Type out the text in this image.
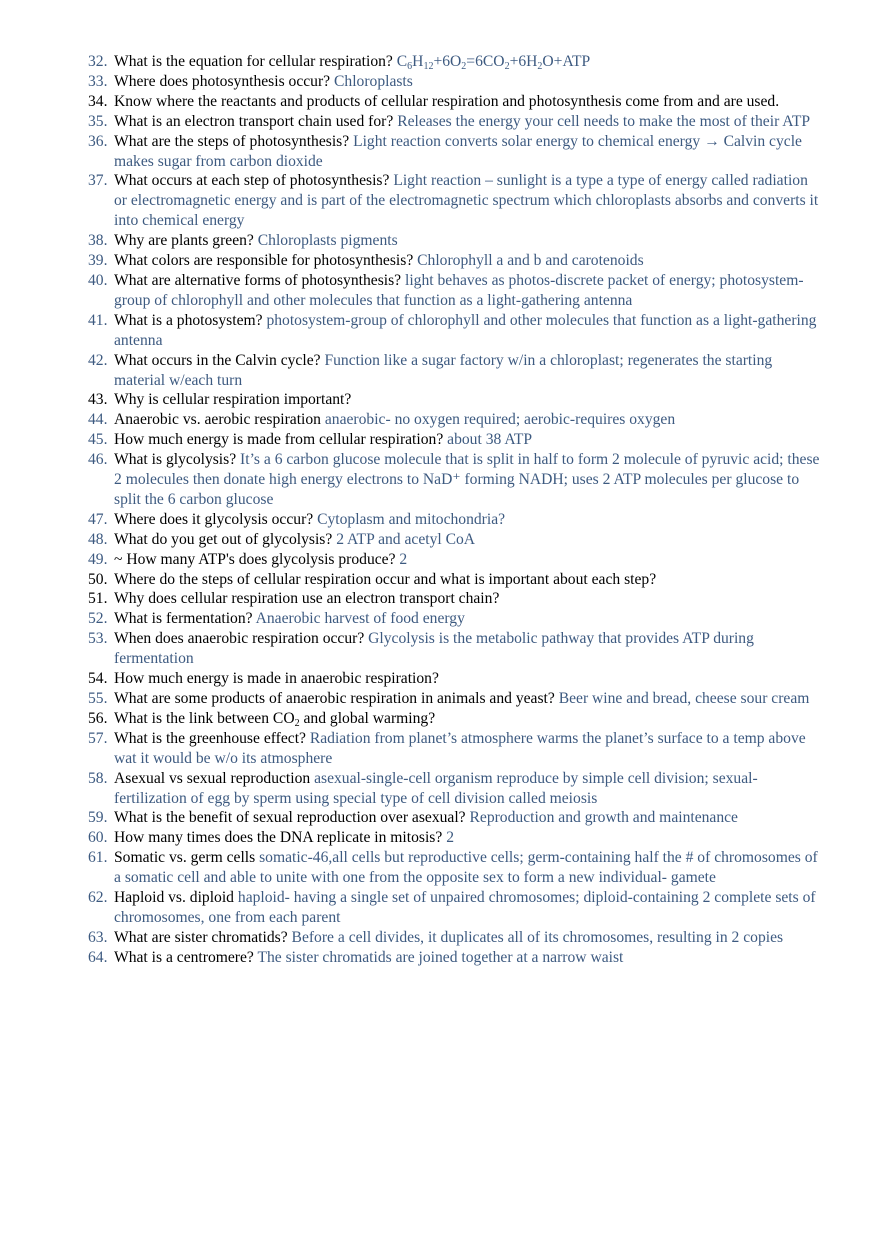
32. What is the equation for cellular respiration? $C_6H_{12}+6O_2=6CO_2+6H_2O+ATP$
33. Where does photosynthesis occur? Chloroplasts
34. Know where the reactants and products of cellular respiration and photosynthesis come from and are used.
35. What is an electron transport chain used for? Releases the energy your cell needs to make the most of their ATP
36. What are the steps of photosynthesis? Light reaction converts solar energy to chemical energy → Calvin cycle makes sugar from carbon dioxide
37. What occurs at each step of photosynthesis? Light reaction – sunlight is a type a type of energy called radiation or electromagnetic energy and is part of the electromagnetic spectrum which chloroplasts absorbs and converts it into chemical energy
38. Why are plants green? Chloroplasts pigments
39. What colors are responsible for photosynthesis? Chlorophyll a and b and carotenoids
40. What are alternative forms of photosynthesis? light behaves as photos-discrete packet of energy; photosystem-group of chlorophyll and other molecules that function as a light-gathering antenna
41. What is a photosystem? photosystem-group of chlorophyll and other molecules that function as a light-gathering antenna
42. What occurs in the Calvin cycle? Function like a sugar factory w/in a chloroplast; regenerates the starting material w/each turn
43. Why is cellular respiration important?
44. Anaerobic vs. aerobic respiration anaerobic- no oxygen required; aerobic-requires oxygen
45. How much energy is made from cellular respiration? about 38 ATP
46. What is glycolysis? It’s a 6 carbon glucose molecule that is split in half to form 2 molecule of pyruvic acid; these 2 molecules then donate high energy electrons to NaD⁺ forming NADH; uses 2 ATP molecules per glucose to split the 6 carbon glucose
47. Where does it glycolysis occur? Cytoplasm and mitochondria?
48. What do you get out of glycolysis? 2 ATP and acetyl CoA
49. ~ How many ATP's does glycolysis produce? 2
50. Where do the steps of cellular respiration occur and what is important about each step?
51. Why does cellular respiration use an electron transport chain?
52. What is fermentation? Anaerobic harvest of food energy
53. When does anaerobic respiration occur? Glycolysis is the metabolic pathway that provides ATP during fermentation
54. How much energy is made in anaerobic respiration?
55. What are some products of anaerobic respiration in animals and yeast? Beer wine and bread, cheese sour cream
56. What is the link between $CO_2$ and global warming?
57. What is the greenhouse effect? Radiation from planet’s atmosphere warms the planet’s surface to a temp above wat it would be w/o its atmosphere
58. Asexual vs sexual reproduction asexual-single-cell organism reproduce by simple cell division; sexual-fertilization of egg by sperm using special type of cell division called meiosis
59. What is the benefit of sexual reproduction over asexual? Reproduction and growth and maintenance
60. How many times does the DNA replicate in mitosis? 2
61. Somatic vs. germ cells somatic-46,all cells but reproductive cells; germ-containing half the # of chromosomes of a somatic cell and able to unite with one from the opposite sex to form a new individual- gamete
62. Haploid vs. diploid haploid- having a single set of unpaired chromosomes; diploid-containing 2 complete sets of chromosomes, one from each parent
63. What are sister chromatids? Before a cell divides, it duplicates all of its chromosomes, resulting in 2 copies
64. What is a centromere? The sister chromatids are joined together at a narrow waist
